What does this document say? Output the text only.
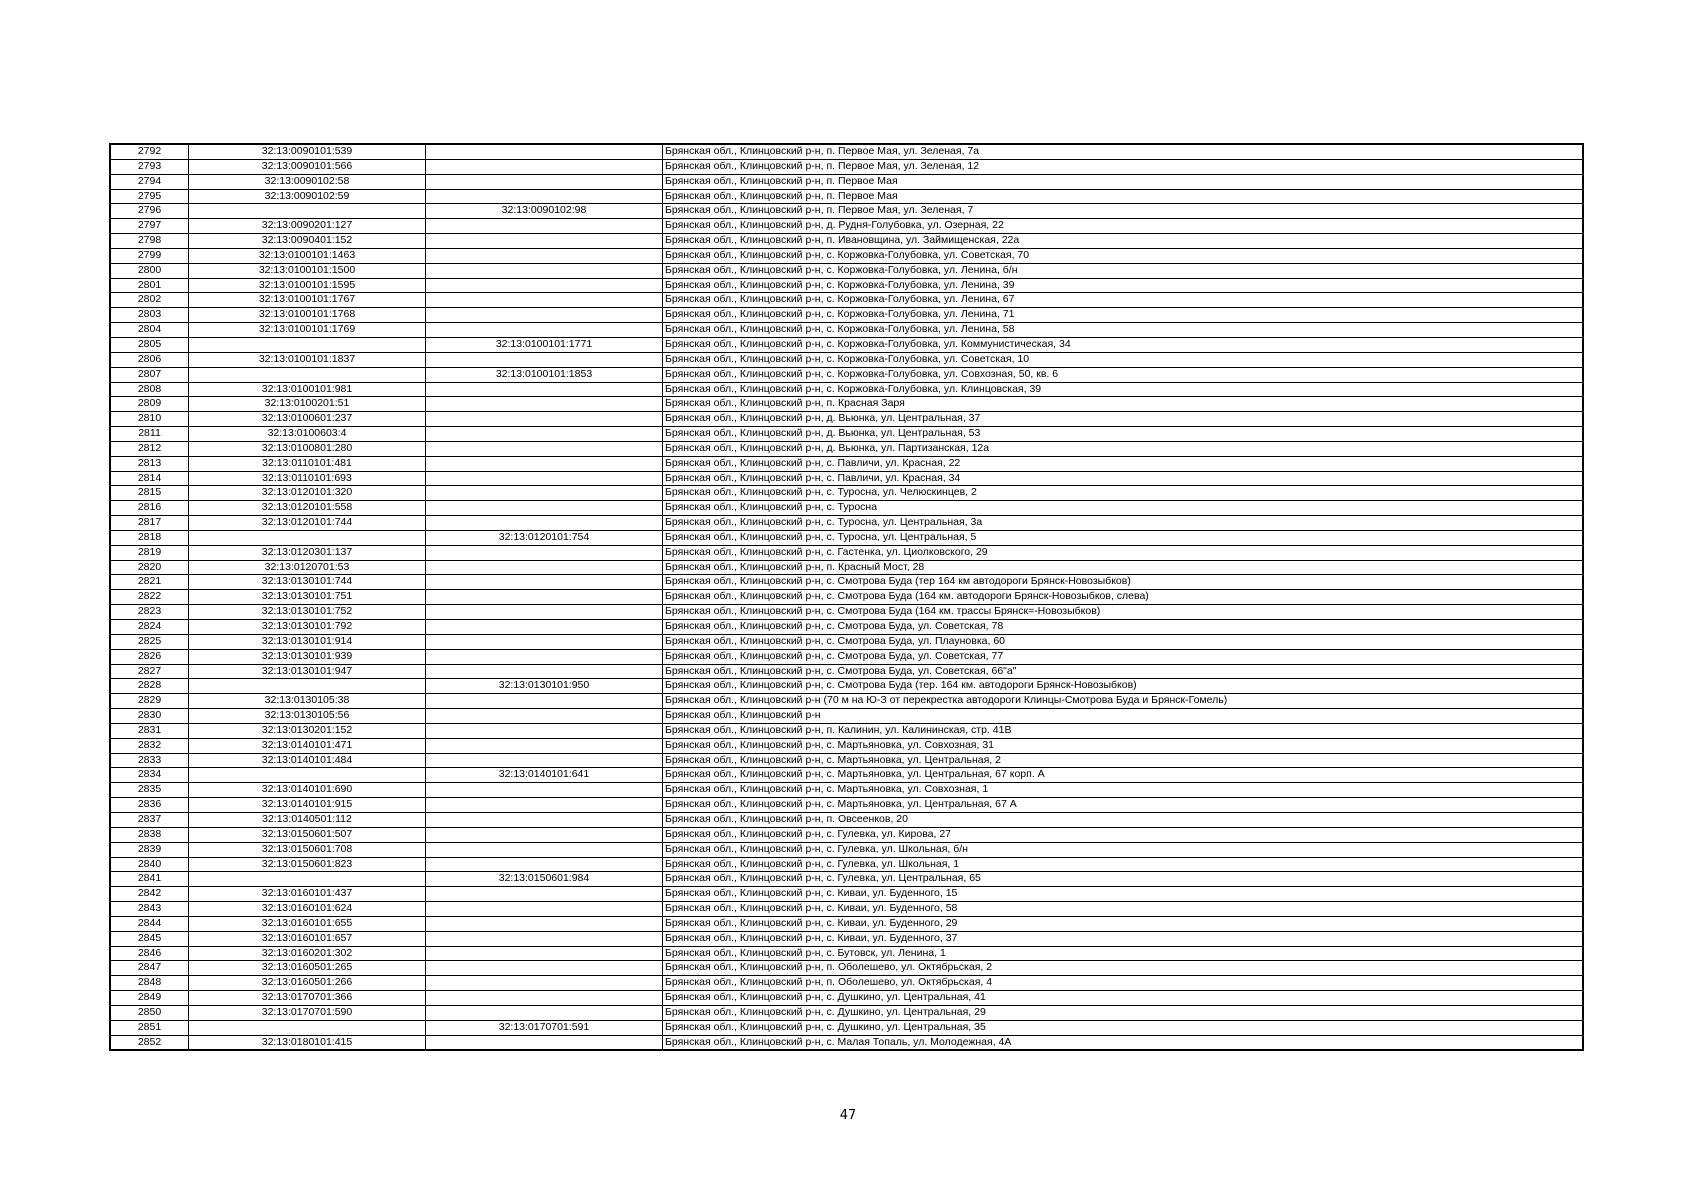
2792	32:13:0090101:539		Брянская обл., Клинцовский р-н, п. Первое Мая, ул. Зеленая, 7а
2793	32:13:0090101:566		Брянская обл., Клинцовский р-н, п. Первое Мая, ул. Зеленая, 12
2794	32:13:0090102:58		Брянская обл., Клинцовский р-н, п. Первое Мая
2795	32:13:0090102:59		Брянская обл., Клинцовский р-н, п. Первое Мая
2796		32:13:0090102:98	Брянская обл., Клинцовский р-н, п. Первое Мая, ул. Зеленая, 7
2797	32:13:0090201:127		Брянская обл., Клинцовский р-н, д. Рудня-Голубовка, ул. Озерная, 22
2798	32:13:0090401:152		Брянская обл., Клинцовский р-н, п. Ивановщина, ул. Займищенская, 22а
2799	32:13:0100101:1463		Брянская обл., Клинцовский р-н, с. Коржовка-Голубовка, ул. Советская, 70
2800	32:13:0100101:1500		Брянская обл., Клинцовский р-н, с. Коржовка-Голубовка, ул. Ленина, б/н
2801	32:13:0100101:1595		Брянская обл., Клинцовский р-н, с. Коржовка-Голубовка, ул. Ленина, 39
2802	32:13:0100101:1767		Брянская обл., Клинцовский р-н, с. Коржовка-Голубовка, ул. Ленина, 67
2803	32:13:0100101:1768		Брянская обл., Клинцовский р-н, с. Коржовка-Голубовка, ул. Ленина, 71
2804	32:13:0100101:1769		Брянская обл., Клинцовский р-н, с. Коржовка-Голубовка, ул. Ленина, 58
2805		32:13:0100101:1771	Брянская обл., Клинцовский р-н, с. Коржовка-Голубовка, ул. Коммунистическая, 34
2806	32:13:0100101:1837		Брянская обл., Клинцовский р-н, с. Коржовка-Голубовка, ул. Советская, 10
2807		32:13:0100101:1853	Брянская обл., Клинцовский р-н, с. Коржовка-Голубовка, ул. Совхозная, 50, кв. 6
2808	32:13:0100101:981		Брянская обл., Клинцовский р-н, с. Коржовка-Голубовка, ул. Клинцовская, 39
2809	32:13:0100201:51		Брянская обл., Клинцовский р-н, п. Красная Заря
2810	32:13:0100601:237		Брянская обл., Клинцовский р-н, д. Вьюнка, ул. Центральная, 37
2811	32:13:0100603:4		Брянская обл., Клинцовский р-н, д. Вьюнка, ул. Центральная, 53
2812	32:13:0100801:280		Брянская обл., Клинцовский р-н, д. Вьюнка, ул. Партизанская, 12а
2813	32:13:0110101:481		Брянская обл., Клинцовский р-н, с. Павличи, ул. Красная, 22
2814	32:13:0110101:693		Брянская обл., Клинцовский р-н, с. Павличи, ул. Красная, 34
2815	32:13:0120101:320		Брянская обл., Клинцовский р-н, с. Туросна, ул. Челюскинцев, 2
2816	32:13:0120101:558		Брянская обл., Клинцовский р-н, с. Туросна
2817	32:13:0120101:744		Брянская обл., Клинцовский р-н, с. Туросна, ул. Центральная, 3а
2818		32:13:0120101:754	Брянская обл., Клинцовский р-н, с. Туросна, ул. Центральная, 5
2819	32:13:0120301:137		Брянская обл., Клинцовский р-н, с. Гастенка, ул. Циолковского, 29
2820	32:13:0120701:53		Брянская обл., Клинцовский р-н, п. Красный Мост, 28
2821	32:13:0130101:744		Брянская обл., Клинцовский р-н, с. Смотрова Буда (тер 164 км автодороги Брянск-Новозыбков)
2822	32:13:0130101:751		Брянская обл., Клинцовский р-н, с. Смотрова Буда (164 км. автодороги Брянск-Новозыбков, слева)
2823	32:13:0130101:752		Брянская обл., Клинцовский р-н, с. Смотрова Буда (164 км. трассы Брянск=-Новозыбков)
2824	32:13:0130101:792		Брянская обл., Клинцовский р-н, с. Смотрова Буда, ул. Советская, 78
2825	32:13:0130101:914		Брянская обл., Клинцовский р-н, с. Смотрова Буда, ул. Плауновка, 60
2826	32:13:0130101:939		Брянская обл., Клинцовский р-н, с. Смотрова Буда, ул. Советская, 77
2827	32:13:0130101:947		Брянская обл., Клинцовский р-н, с. Смотрова Буда, ул. Советская, 66"а"
2828		32:13:0130101:950	Брянская обл., Клинцовский р-н, с. Смотрова Буда (тер. 164 км. автодороги Брянск-Новозыбков)
2829	32:13:0130105:38		Брянская обл., Клинцовский р-н (70 м на Ю-З от перекрестка автодороги Клинцы-Смотрова Буда и Брянск-Гомель)
2830	32:13:0130105:56		Брянская обл., Клинцовский р-н
2831	32:13:0130201:152		Брянская обл., Клинцовский р-н, п. Калинин, ул. Калининская, стр. 41В
2832	32:13:0140101:471		Брянская обл., Клинцовский р-н, с. Мартьяновка, ул. Совхозная, 31
2833	32:13:0140101:484		Брянская обл., Клинцовский р-н, с. Мартьяновка, ул. Центральная, 2
2834		32:13:0140101:641	Брянская обл., Клинцовский р-н, с. Мартьяновка, ул. Центральная, 67 корп. А
2835	32:13:0140101:690		Брянская обл., Клинцовский р-н, с. Мартьяновка, ул. Совхозная, 1
2836	32:13:0140101:915		Брянская обл., Клинцовский р-н, с. Мартьяновка, ул. Центральная, 67 А
2837	32:13:0140501:112		Брянская обл., Клинцовский р-н, п. Овсеенков, 20
2838	32:13:0150601:507		Брянская обл., Клинцовский р-н, с. Гулевка, ул. Кирова, 27
2839	32:13:0150601:708		Брянская обл., Клинцовский р-н, с. Гулевка, ул. Школьная, б/н
2840	32:13:0150601:823		Брянская обл., Клинцовский р-н, с. Гулевка, ул. Школьная, 1
2841		32:13:0150601:984	Брянская обл., Клинцовский р-н, с. Гулевка, ул. Центральная, 65
2842	32:13:0160101:437		Брянская обл., Клинцовский р-н, с. Киваи, ул. Буденного, 15
2843	32:13:0160101:624		Брянская обл., Клинцовский р-н, с. Киваи, ул. Буденного, 58
2844	32:13:0160101:655		Брянская обл., Клинцовский р-н, с. Киваи, ул. Буденного, 29
2845	32:13:0160101:657		Брянская обл., Клинцовский р-н, с. Киваи, ул. Буденного, 37
2846	32:13:0160201:302		Брянская обл., Клинцовский р-н, с. Бутовск, ул. Ленина, 1
2847	32:13:0160501:265		Брянская обл., Клинцовский р-н, п. Оболешево, ул. Октябрьская, 2
2848	32:13:0160501:266		Брянская обл., Клинцовский р-н, п. Оболешево, ул. Октябрьская, 4
2849	32:13:0170701:366		Брянская обл., Клинцовский р-н, с. Душкино, ул. Центральная, 41
2850	32:13:0170701:590		Брянская обл., Клинцовский р-н, с. Душкино, ул. Центральная, 29
2851		32:13:0170701:591	Брянская обл., Клинцовский р-н, с. Душкино, ул. Центральная, 35
2852	32:13:0180101:415		Брянская обл., Клинцовский р-н, с. Малая Топаль, ул. Молодежная, 4А
47
